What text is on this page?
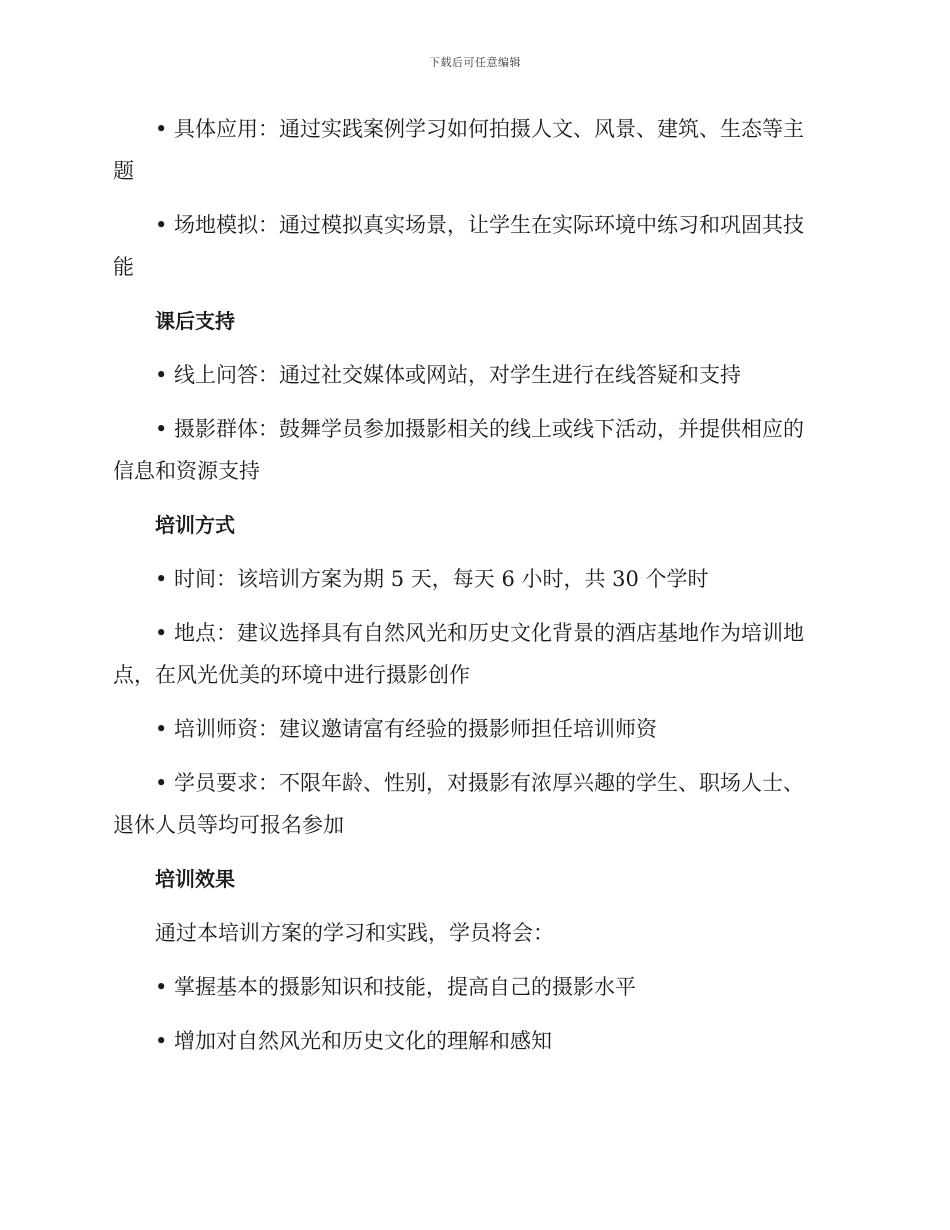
下载后可任意编辑

• 具体应用：通过实践案例学习如何拍摄人文、风景、建筑、生态等主题

• 场地模拟：通过模拟真实场景，让学生在实际环境中练习和巩固其技能

课后支持

• 线上问答：通过社交媒体或网站，对学生进行在线答疑和支持

• 摄影群体：鼓舞学员参加摄影相关的线上或线下活动，并提供相应的信息和资源支持

培训方式

• 时间：该培训方案为期 5 天，每天 6 小时，共 30 个学时

• 地点：建议选择具有自然风光和历史文化背景的酒店基地作为培训地点，在风光优美的环境中进行摄影创作

• 培训师资：建议邀请富有经验的摄影师担任培训师资

• 学员要求：不限年龄、性别，对摄影有浓厚兴趣的学生、职场人士、退休人员等均可报名参加

培训效果

通过本培训方案的学习和实践，学员将会：

• 掌握基本的摄影知识和技能，提高自己的摄影水平

• 增加对自然风光和历史文化的理解和感知
